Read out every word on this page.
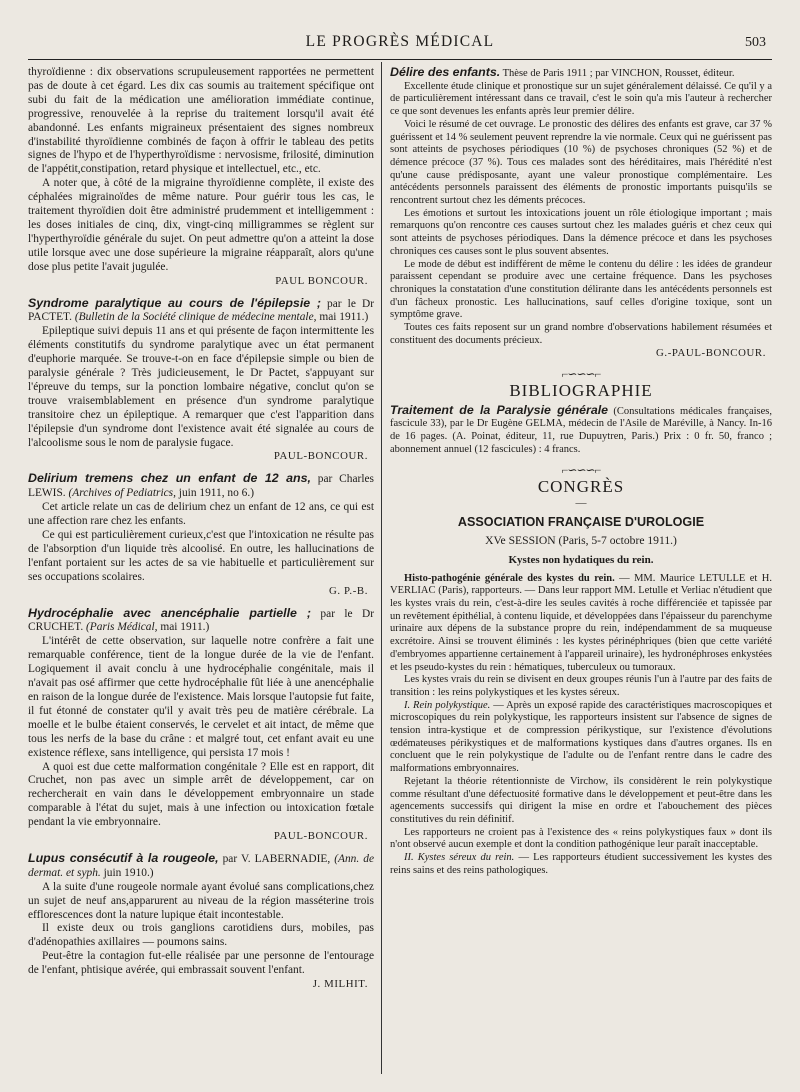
LE PROGRÈS MÉDICAL	503

thyroïdienne : dix observations scrupuleusement rapportées ne permettent pas de doute à cet égard. Les dix cas soumis au traitement spécifique ont subi du fait de la médication une amélioration immédiate continue, progressive, renouvelée à la reprise du traitement lorsqu'il avait été abandonné. Les enfants migraineux présentaient des signes nombreux d'instabilité thyroïdienne combinés de façon à offrir le tableau des petits signes de l'hypo et de l'hyperthyroïdisme : nervosisme, frilosité, diminution de l'appétit,constipation, retard physique et intellectuel, etc., etc.

A noter que, à côté de la migraine thyroïdienne complète, il existe des céphalées migrainoïdes de même nature. Pour guérir tous les cas, le traitement thyroïdien doit être administré prudemment et intelligemment : les doses initiales de cinq, dix, vingt-cinq milligrammes se règlent sur l'hyperthyroïdie générale du sujet. On peut admettre qu'on a atteint la dose utile lorsque avec une dose supérieure la migraine réapparaît, alors qu'une dose plus petite l'avait jugulée.

PAUL BONCOUR.

Syndrome paralytique au cours de l'épilepsie ; par le Dr PACTET. (Bulletin de la Société clinique de médecine mentale, mai 1911.)

Epileptique suivi depuis 11 ans et qui présente de façon intermittente les éléments constitutifs du syndrome paralytique avec un état permanent d'euphorie marquée. Se trouve-t-on en face d'épilepsie simple ou bien de paralysie générale ? Très judicieusement, le Dr Pactet, s'appuyant sur l'épreuve du temps, sur la ponction lombaire négative, conclut qu'on se trouve vraisemblablement en présence d'un syndrome paralytique transitoire chez un épileptique. A remarquer que c'est l'apparition dans l'épilepsie d'un syndrome dont l'existence avait été signalée au cours de l'alcoolisme sous le nom de paralysie fugace.

PAUL-BONCOUR.

Delirium tremens chez un enfant de 12 ans, par Charles LEWIS. (Archives of Pediatrics, juin 1911, no 6.)

Cet article relate un cas de delirium chez un enfant de 12 ans, ce qui est une affection rare chez les enfants.

Ce qui est particulièrement curieux,c'est que l'intoxication ne résulte pas de l'absorption d'un liquide très alcoolisé. En outre, les hallucinations de l'enfant portaient sur les actes de sa vie habituelle et particulièrement sur ses occupations scolaires.

G. P.-B.

Hydrocéphalie avec anencéphalie partielle ; par le Dr CRUCHET. (Paris Médical, mai 1911.)

L'intérêt de cette observation, sur laquelle notre confrère a fait une remarquable conférence, tient de la longue durée de la vie de l'enfant. Logiquement il avait conclu à une hydrocéphalie congénitale, mais il n'avait pas osé affirmer que cette hydrocéphalie fût liée à une anencéphalie en raison de la longue durée de l'existence. Mais lorsque l'autopsie fut faite, il fut étonné de constater qu'il y avait très peu de matière cérébrale. La moelle et le bulbe étaient conservés, le cervelet et ait intact, de même que tous les nerfs de la base du crâne : et malgré tout, cet enfant avait eu une existence réflexe, sans intelligence, qui persista 17 mois !

A quoi est due cette malformation congénitale ? Elle est en rapport, dit Cruchet, non pas avec un simple arrêt de développement, car on rechercherait en vain dans le développement embryonnaire un stade comparable à l'état du sujet, mais à une infection ou intoxication fœtale pendant la vie embryonnaire.

PAUL-BONCOUR.

Lupus consécutif à la rougeole, par V. LABERNADIE, (Ann. de dermat. et syph. juin 1910.)

A la suite d'une rougeole normale ayant évolué sans complications,chez un sujet de neuf ans,apparurent au niveau de la région masséterine trois efflorescences dont la nature lupique était incontestable.

Il existe deux ou trois ganglions carotidiens durs, mobiles, pas d'adénopathies axillaires — poumons sains.

Peut-être la contagion fut-elle réalisée par une personne de l'entourage de l'enfant, phtisique avérée, qui embrassait souvent l'enfant.

J. MILHIT.

Délire des enfants. Thèse de Paris 1911 ; par VINCHON, Rousset, éditeur.

Excellente étude clinique et pronostique sur un sujet généralement délaissé. Ce qu'il y a de particulièrement intéressant dans ce travail, c'est le soin qu'a mis l'auteur à rechercher ce que sont devenues les enfants après leur premier délire.

Voici le résumé de cet ouvrage. Le pronostic des délires des enfants est grave, car 37 % guérissent et 14 % seulement peuvent reprendre la vie normale. Ceux qui ne guérissent pas sont atteints de psychoses périodiques (10 %) de psychoses chroniques (52 %) et de démence précoce (37 %). Tous ces malades sont des héréditaires, mais l'hérédité n'est qu'une cause prédisposante, ayant une valeur pronostique complémentaire. Les antécédents personnels paraissent des éléments de pronostic importants puisqu'ils se rencontrent surtout chez les déments précoces.

Les émotions et surtout les intoxications jouent un rôle étiologique important ; mais remarquons qu'on rencontre ces causes surtout chez les malades guéris et chez ceux qui sont atteints de psychoses périodiques. Dans la démence précoce et dans les psychoses chroniques ces causes sont le plus souvent absentes.

Le mode de début est indifférent de même le contenu du délire : les idées de grandeur paraissent cependant se produire avec une certaine fréquence. Dans les psychoses chroniques la constatation d'une constitution délirante dans les antécédents personnels est d'un fâcheux pronostic. Les hallucinations, sauf celles d'origine toxique, sont un symptôme grave.

Toutes ces faits reposent sur un grand nombre d'observations habilement résumées et constituent des documents précieux.

G.-PAUL-BONCOUR.
⌐∽∽∽⌐
BIBLIOGRAPHIE

Traitement de la Paralysie générale (Consultations médicales françaises, fascicule 33), par le Dr Eugène GELMA, médecin de l'Asile de Maréville, à Nancy. In-16 de 16 pages. (A. Poinat, éditeur, 11, rue Dupuytren, Paris.) Prix : 0 fr. 50, franco ; abonnement annuel (12 fascicules) : 4 francs.

⌐∽∽∽⌐
CONGRÈS
—
ASSOCIATION FRANÇAISE D'UROLOGIE
XVe SESSION (Paris, 5-7 octobre 1911.)
Kystes non hydatiques du rein.

Histo-pathogénie générale des kystes du rein. — MM. Maurice LETULLE et H. VERLIAC (Paris), rapporteurs. — Dans leur rapport MM. Letulle et Verliac n'étudient que les kystes vrais du rein, c'est-à-dire les seules cavités à roche différenciée et tapissée par un revêtement épithélial, à contenu liquide, et développées dans l'épaisseur du parenchyme urinaire aux dépens de la substance propre du rein, indépendamment de sa muqueuse excrétoire. Ainsi se trouvent éliminés : les kystes périnéphriques (bien que cette variété d'embryomes appartienne certainement à l'appareil urinaire), les hydronéphroses enkystées et les pseudo-kystes du rein : hématiques, tuberculeux ou tumoraux.

Les kystes vrais du rein se divisent en deux groupes réunis l'un à l'autre par des faits de transition : les reins polykystiques et les kystes séreux.

I. Rein polykystique. — Après un exposé rapide des caractéristiques macroscopiques et microscopiques du rein polykystique, les rapporteurs insistent sur l'absence de signes de tension intra-kystique et de compression périkystique, sur l'existence d'évolutions œdémateuses périkystiques et de malformations kystiques dans d'autres organes. Ils en concluent que le rein polykystique de l'adulte ou de l'enfant rentre dans le cadre des malformations embryonnaires.

Rejetant la théorie rétentionniste de Virchow, ils considèrent le rein polykystique comme résultant d'une défectuosité formative dans le développement et peut-être dans les agencements successifs qui dirigent la mise en ordre et l'abouchement des pièces constitutives du rein définitif.

Les rapporteurs ne croient pas à l'existence des « reins polykystiques faux » dont ils n'ont observé aucun exemple et dont la condition pathogénique leur paraît inacceptable.

II. Kystes séreux du rein. — Les rapporteurs étudient successivement les kystes des reins sains et des reins pathologiques.
